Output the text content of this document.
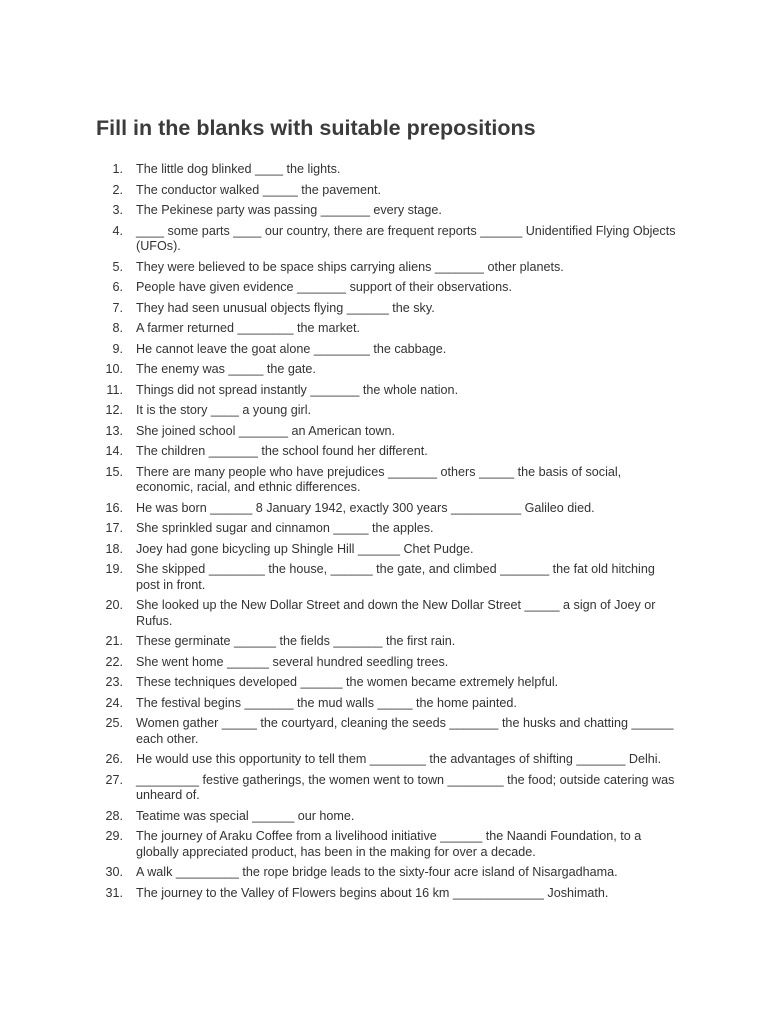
Fill in the blanks with suitable prepositions
1. The little dog blinked ____ the lights.
2. The conductor walked _____ the pavement.
3. The Pekinese party was passing _______ every stage.
4. ____ some parts ____ our country, there are frequent reports ______ Unidentified Flying Objects (UFOs).
5. They were believed to be space ships carrying aliens _______ other planets.
6. People have given evidence _______ support of their observations.
7. They had seen unusual objects flying ______ the sky.
8. A farmer returned ________ the market.
9. He cannot leave the goat alone ________ the cabbage.
10. The enemy was _____ the gate.
11. Things did not spread instantly _______ the whole nation.
12. It is the story ____ a young girl.
13. She joined school _______ an American town.
14. The children _______ the school found her different.
15. There are many people who have prejudices _______ others _____ the basis of social, economic, racial, and ethnic differences.
16. He was born ______ 8 January 1942, exactly 300 years __________ Galileo died.
17. She sprinkled sugar and cinnamon _____ the apples.
18. Joey had gone bicycling up Shingle Hill ______ Chet Pudge.
19. She skipped ________ the house, ______ the gate, and climbed _______ the fat old hitching post in front.
20. She looked up the New Dollar Street and down the New Dollar Street _____ a sign of Joey or Rufus.
21. These germinate ______ the fields _______ the first rain.
22. She went home ______ several hundred seedling trees.
23. These techniques developed ______ the women became extremely helpful.
24. The festival begins _______ the mud walls _____ the home painted.
25. Women gather _____ the courtyard, cleaning the seeds _______ the husks and chatting ______ each other.
26. He would use this opportunity to tell them ________ the advantages of shifting _______ Delhi.
27. _________ festive gatherings, the women went to town ________ the food; outside catering was unheard of.
28. Teatime was special ______ our home.
29. The journey of Araku Coffee from a livelihood initiative ______ the Naandi Foundation, to a globally appreciated product, has been in the making for over a decade.
30. A walk _________ the rope bridge leads to the sixty-four acre island of Nisargadhama.
31. The journey to the Valley of Flowers begins about 16 km _____________ Joshimath.
